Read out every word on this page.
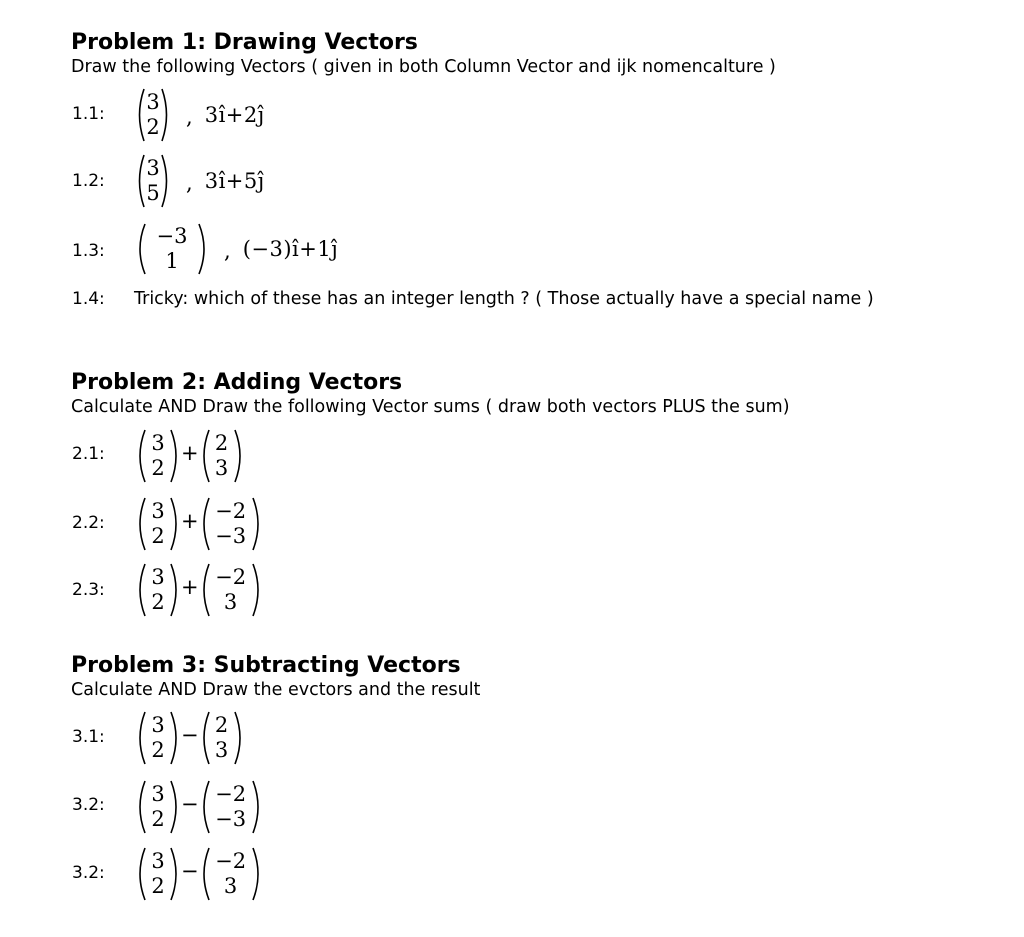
Problem 1: Drawing Vectors
Draw the following Vectors ( given in both Column Vector and ijk nomencalture )
1.1:	3
2	, 3î+2ĵ
1.2:
3
5	, 3î+5ĵ
1.3:
−3
1	, (−3)î+1ĵ
1.4: Tricky: which of these has an integer length ? ( Those actually have a special name )
Problem 2: Adding Vectors
Calculate AND Draw the following Vector sums ( draw both vectors PLUS the sum)
2.1:	3
2
+ 2
3
2.2:	3
2
+ −2
−3
2.3:
3
2
+ −2
3
Problem 3: Subtracting Vectors
Calculate AND Draw the evctors and the result
3.1:	3
2
− 2
3
3.2:	3
2
− −2
−3
3.2:	3
2
− −2
3
